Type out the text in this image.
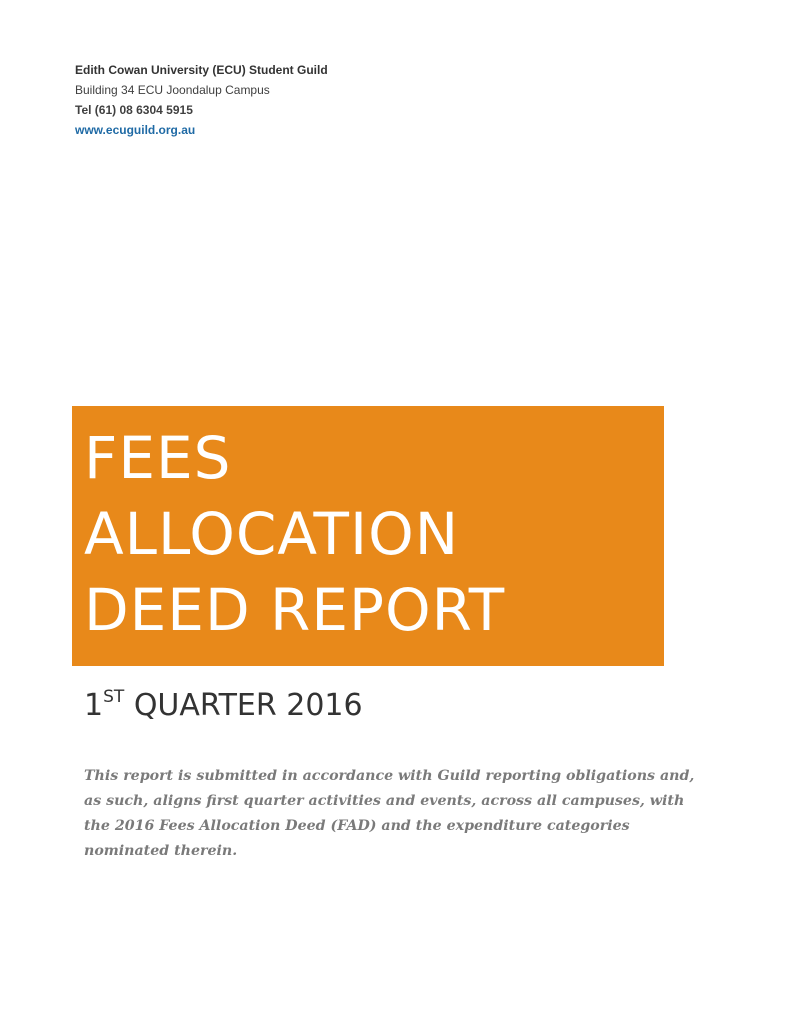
Edith Cowan University (ECU) Student Guild
Building 34 ECU Joondalup Campus
Tel (61) 08 6304 5915
www.ecuguild.org.au
FEES
ALLOCATION
DEED REPORT
1ST QUARTER 2016
This report is submitted in accordance with Guild reporting obligations and,
as such, aligns first quarter activities and events, across all campuses, with
the 2016 Fees Allocation Deed (FAD) and the expenditure categories
nominated therein.
